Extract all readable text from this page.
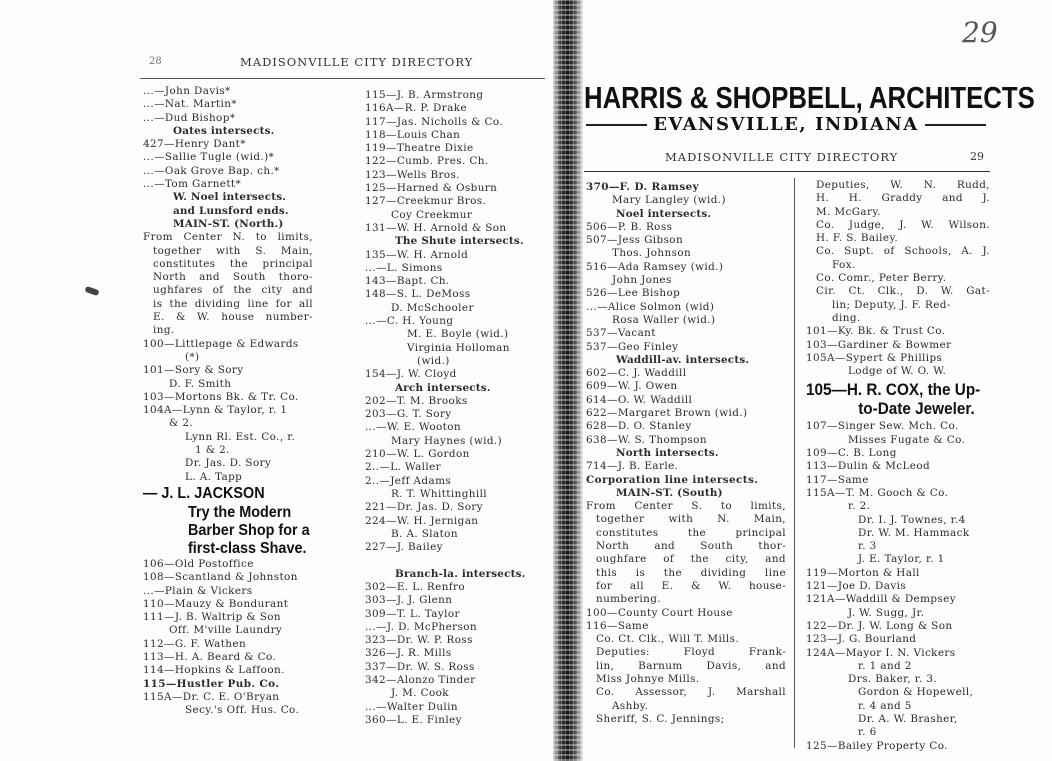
29
28	MADISONVILLE CITY DIRECTORY
...—John Davis*
...—Nat. Martin*
...—Dud Bishop*
Oates intersects.
427—Henry Dant*
...—Sallie Tugle (wid.)*
...—Oak Grove Bap. ch.*
...—Tom Garnett*
W. Noel intersects.
and Lunsford ends.
MAIN-ST. (North.)
From Center N. to limits,
together with S. Main,
constitutes the principal
North and South thoro-
ughfares of the city and
is the dividing line for all
E. & W. house number-
ing.
100—Littlepage & Edwards
(*)
101—Sory & Sory
D. F. Smith
103—Mortons Bk. & Tr. Co.
104A—Lynn & Taylor, r. 1
& 2.
Lynn Rl. Est. Co., r.
1 & 2.
Dr. Jas. D. Sory
L. A. Tapp
— J. L. JACKSON
Try the Modern
Barber Shop for a
first-class Shave.
106—Old Postoffice
108—Scantland & Johnston
...—Plain & Vickers
110—Mauzy & Bondurant
111—J. B. Waltrip & Son
Off. M'ville Laundry
112—G. F. Wathen
113—H. A. Beard & Co.
114—Hopkins & Laffoon.
115—Hustler Pub. Co.
115A—Dr. C. E. O'Bryan
Secy.'s Off. Hus. Co.
115—J. B. Armstrong
116A—R. P. Drake
117—Jas. Nicholls & Co.
118—Louis Chan
119—Theatre Dixie
122—Cumb. Pres. Ch.
123—Wells Bros.
125—Harned & Osburn
127—Creekmur Bros.
Coy Creekmur
131—W. H. Arnold & Son
The Shute intersects.
135—W. H. Arnold
...—L. Simons
143—Bapt. Ch.
148—S. L. DeMoss
D. McSchooler
...—C. H. Young
M. E. Boyle (wid.)
Virginia Holloman
(wid.)
154—J. W. Cloyd
Arch intersects.
202—T. M. Brooks
203—G. T. Sory
...—W. E. Wooton
Mary Haynes (wid.)
210—W. L. Gordon
2..—L. Waller
2..—Jeff Adams
R. T. Whittinghill
221—Dr. Jas. D. Sory
224—W. H. Jernigan
B. A. Slaton
227—J. Bailey
Branch-la. intersects.
302—E. L. Renfro
303—J. J. Glenn
309—T. L. Taylor
...—J. D. McPherson
323—Dr. W. P. Ross
326—J. R. Mills
337—Dr. W. S. Ross
342—Alonzo Tinder
J. M. Cook
...—Walter Dulin
360—L. E. Finley
HARRIS & SHOPBELL, ARCHITECTS
EVANSVILLE, INDIANA
MADISONVILLE CITY DIRECTORY	29
370—F. D. Ramsey
Mary Langley (wid.)
Noel intersects.
506—P. B. Ross
507—Jess Gibson
Thos. Johnson
516—Ada Ramsey (wid.)
John Jones
526—Lee Bishop
...—Alice Solmon (wid)
Rosa Waller (wid.)
537—Vacant
537—Geo Finley
Waddill-av. intersects.
602—C. J. Waddill
609—W. J. Owen
614—O. W. Waddill
622—Margaret Brown (wid.)
628—D. O. Stanley
638—W. S. Thompson
North intersects.
714—J. B. Earle.
Corporation line intersects.
MAIN-ST. (South)
From Center S. to limits,
together with N. Main,
constitutes the principal
North and South thor-
oughfare of the city, and
this is the dividing line
for all E. & W. house-
numbering.
100—County Court House
116—Same
Co. Ct. Clk., Will T. Mills.
Deputies: Floyd Frank-
lin, Barnum Davis, and
Miss Johnye Mills.
Co. Assessor, J. Marshall
Ashby.
Sheriff, S. C. Jennings;
Deputies, W. N. Rudd,
H. H. Graddy and J.
M. McGary.
Co. Judge, J. W. Wilson.
H. F. S. Bailey.
Co. Supt. of Schools, A. J.
Fox.
Co. Comr., Peter Berry.
Cir. Ct. Clk., D. W. Gat-
lin; Deputy, J. F. Red-
ding.
101—Ky. Bk. & Trust Co.
103—Gardiner & Bowmer
105A—Sypert & Phillips
Lodge of W. O. W.
105—H. R. COX, the Up-
to-Date Jeweler.
107—Singer Sew. Mch. Co.
Misses Fugate & Co.
109—C. B. Long
113—Dulin & McLeod
117—Same
115A—T. M. Gooch & Co.
r. 2.
Dr. I. J. Townes, r.4
Dr. W. M. Hammack
r. 3
J. E. Taylor, r. 1
119—Morton & Hall
121—Joe D. Davis
121A—Waddill & Dempsey
J. W. Sugg, Jr.
122—Dr. J. W. Long & Son
123—J. G. Bourland
124A—Mayor I. N. Vickers
r. 1 and 2
Drs. Baker, r. 3.
Gordon & Hopewell,
r. 4 and 5
Dr. A. W. Brasher,
r. 6
125—Bailey Property Co.
